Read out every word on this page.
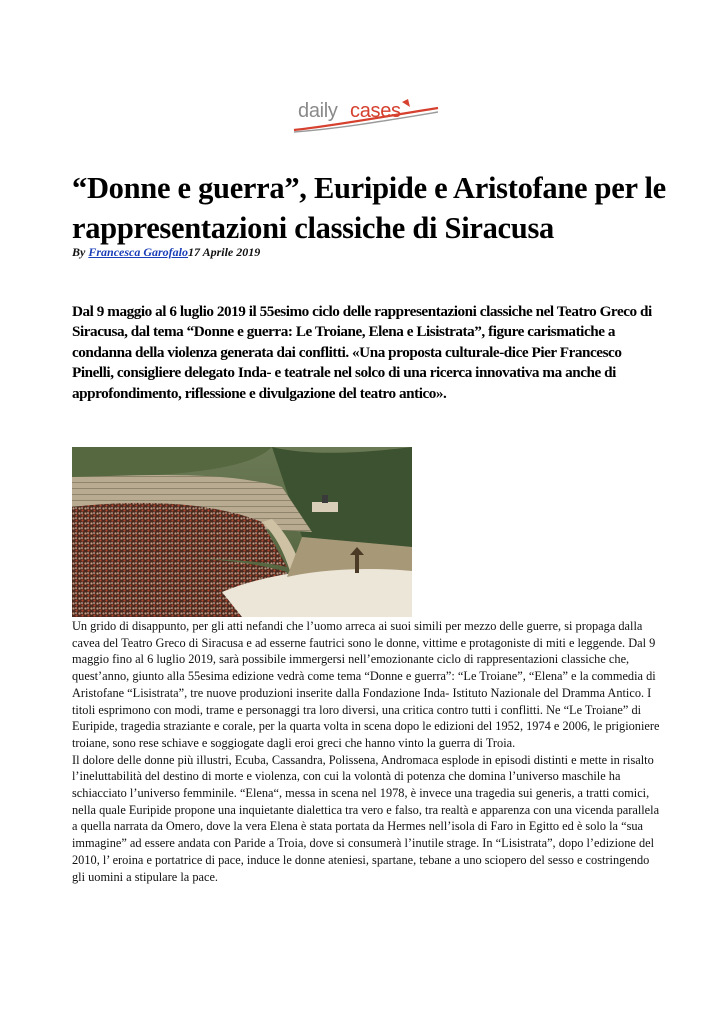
daily cases
“Donne e guerra”, Euripide e Aristofane per le rappresentazioni classiche di Siracusa
By Francesca Garofalo17 Aprile 2019

Dal 9 maggio al 6 luglio 2019 il 55esimo ciclo delle rappresentazioni classiche nel Teatro Greco di Siracusa, dal tema “Donne e guerra: Le Troiane, Elena e Lisistrata”, figure carismatiche a condanna della violenza generata dai conflitti. «Una proposta culturale-dice Pier Francesco Pinelli, consigliere delegato Inda- e teatrale nel solco di una ricerca innovativa ma anche di approfondimento, riflessione e divulgazione del teatro antico».

Un grido di disappunto, per gli atti nefandi che l’uomo arreca ai suoi simili per mezzo delle guerre, si propaga dalla cavea del Teatro Greco di Siracusa e ad esserne fautrici sono le donne, vittime e protagoniste di miti e leggende. Dal 9 maggio fino al 6 luglio 2019, sarà possibile immergersi nell’emozionante ciclo di rappresentazioni classiche che, quest’anno, giunto alla 55esima edizione vedrà come tema “Donne e guerra”: “Le Troiane”, “Elena” e la commedia di Aristofane “Lisistrata”, tre nuove produzioni inserite dalla Fondazione Inda- Istituto Nazionale del Dramma Antico. I titoli esprimono con modi, trame e personaggi tra loro diversi, una critica contro tutti i conflitti. Ne “Le Troiane” di Euripide, tragedia straziante e corale, per la quarta volta in scena dopo le edizioni del 1952, 1974 e 2006, le prigioniere troiane, sono rese schiave e soggiogate dagli eroi greci che hanno vinto la guerra di Troia.

Il dolore delle donne più illustri, Ecuba, Cassandra, Polissena, Andromaca esplode in episodi distinti e mette in risalto l’ineluttabilità del destino di morte e violenza, con cui la volontà di potenza che domina l’universo maschile ha schiacciato l’universo femminile. “Elena“, messa in scena nel 1978, è invece una tragedia sui generis, a tratti comici, nella quale Euripide propone una inquietante dialettica tra vero e falso, tra realtà e apparenza con una vicenda parallela a quella narrata da Omero, dove la vera Elena è stata portata da Hermes nell’isola di Faro in Egitto ed è solo la “sua immagine” ad essere andata con Paride a Troia, dove si consumerà l’inutile strage. In “Lisistrata”, dopo l’edizione del 2010, l’ eroina e portatrice di pace, induce le donne ateniesi, spartane, tebane a uno sciopero del sesso e costringendo gli uomini a stipulare la pace.
